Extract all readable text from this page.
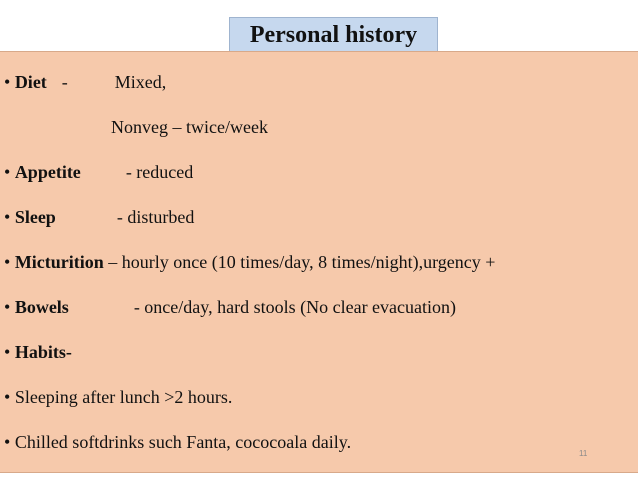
Personal history
• Diet -	Mixed,
Nonveg – twice/week
• Appetite	- reduced
• Sleep	- disturbed
• Micturition – hourly once (10 times/day, 8 times/night),urgency +
• Bowels	- once/day, hard stools (No clear evacuation)
• Habits-
• Sleeping after lunch >2 hours.
• Chilled softdrinks such Fanta, cococoala daily.
11
